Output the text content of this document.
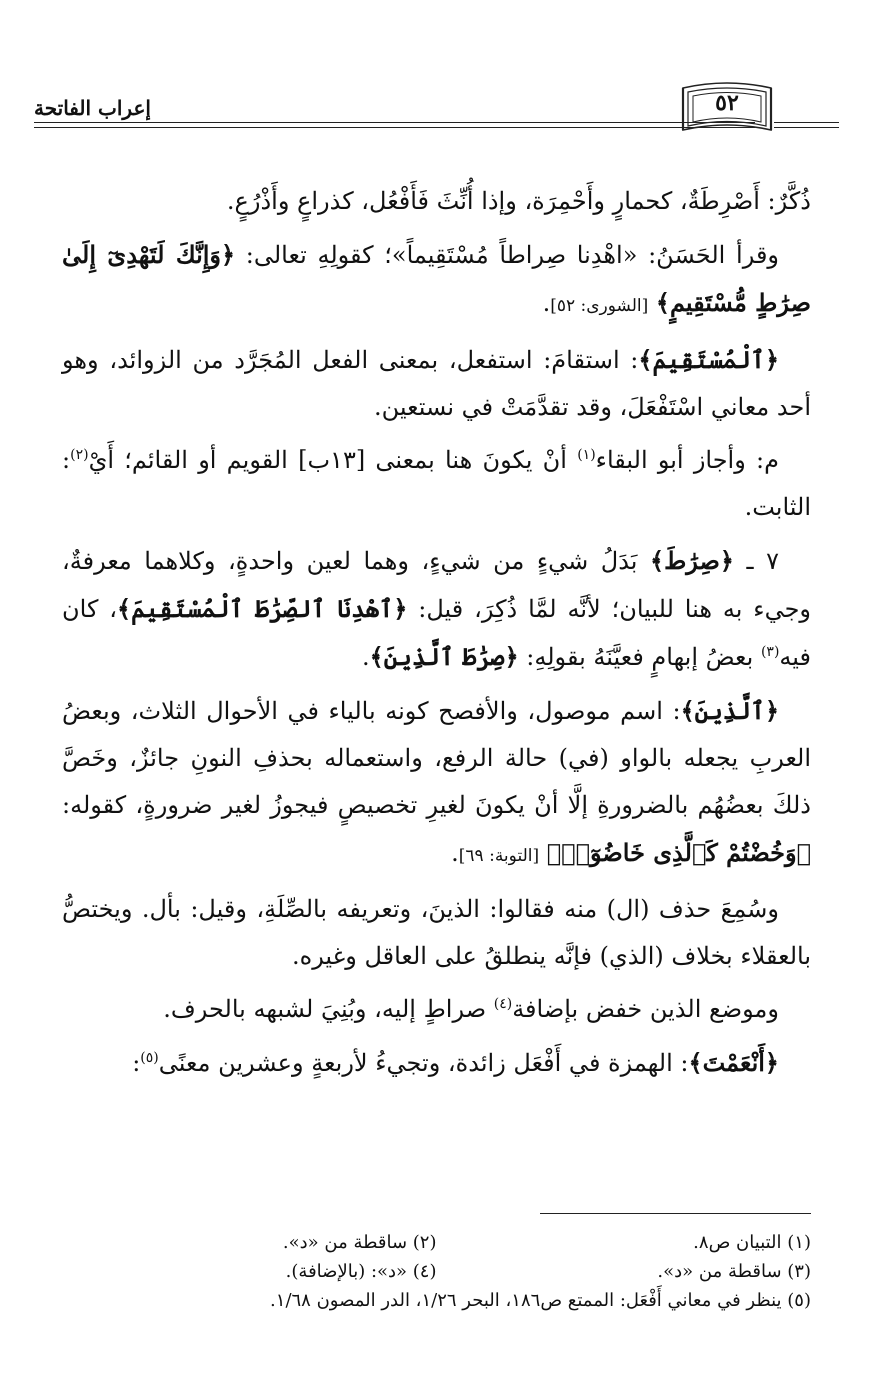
إعراب الفاتحة	٥٢

ذُكَّرٌ: أَصْرِطَةٌ، كحمارٍ وأَحْمِرَة، وإذا أُنِّثَ فَأَفْعُل، كذراعٍ وأَذْرُعٍ.

وقرأ الحَسَنُ: «اهْدِنا صِراطاً مُسْتَقِيماً»؛ كقولِهِ تعالى: ﴿وَإِنَّكَ لَتَهْدِىٓ إِلَىٰ صِرَٰطٍ مُّسْتَقِيمٍ﴾ [الشورى: ٥٢].

﴿ٱلْمُسْتَقِيمَ﴾: استقامَ: استفعل، بمعنى الفعل المُجَرَّد من الزوائد، وهو أحد معاني اسْتَفْعَلَ، وقد تقدَّمَتْ في نستعين.

م: وأجاز أبو البقاء$^{(١)}$ أنْ يكونَ هنا بمعنى [١٣ب] القويم أو القائم؛ أَيْ$^{(٢)}$: الثابت.

٧ ـ ﴿صِرَٰطَ﴾ بَدَلُ شيءٍ من شيءٍ، وهما لعين واحدةٍ، وكلاهما معرفةٌ، وجيء به هنا للبيان؛ لأنَّه لمَّا ذُكِرَ، قيل: ﴿ٱهْدِنَا ٱلصِّرَٰطَ ٱلْمُسْتَقِيمَ﴾، كان فيه$^{(٣)}$ بعضُ إبهامٍ فعيَّنَهُ بقولِهِ: ﴿صِرَٰطَ ٱلَّذِينَ﴾.

﴿ٱلَّذِينَ﴾: اسم موصول، والأفصح كونه بالياء في الأحوال الثلاث، وبعضُ العربِ يجعله بالواو (في) حالة الرفع، واستعماله بحذفِ النونِ جائزٌ، وخَصَّ ذلكَ بعضُهُم بالضرورةِ إلَّا أنْ يكونَ لغيرِ تخصيصٍ فيجوزُ لغير ضرورةٍ، كقوله: ﴿وَخُضْتُمْ كَٱلَّذِى خَاضُوٓا۟﴾ [التوبة: ٦٩].

وسُمِعَ حذف (ال) منه فقالوا: الذينَ، وتعريفه بالصِّلَةِ، وقيل: بأل. ويختصُّ بالعقلاء بخلاف (الذي) فإنَّه ينطلقُ على العاقل وغيره.

وموضع الذين خفض بإضافة$^{(٤)}$ صراطٍ إليه، وبُنِيَ لشبهه بالحرف.

﴿أَنْعَمْتَ﴾: الهمزة في أَفْعَل زائدة، وتجيءُ لأربعةٍ وعشرين معنًى$^{(٥)}$:

(١) التبيان ص٨.
(٢) ساقطة من «د».
(٣) ساقطة من «د».
(٤) «د»: (بالإضافة).
(٥) ينظر في معاني أَفْعَل: الممتع ص١٨٦، البحر ١/٢٦، الدر المصون ١/٦٨.
